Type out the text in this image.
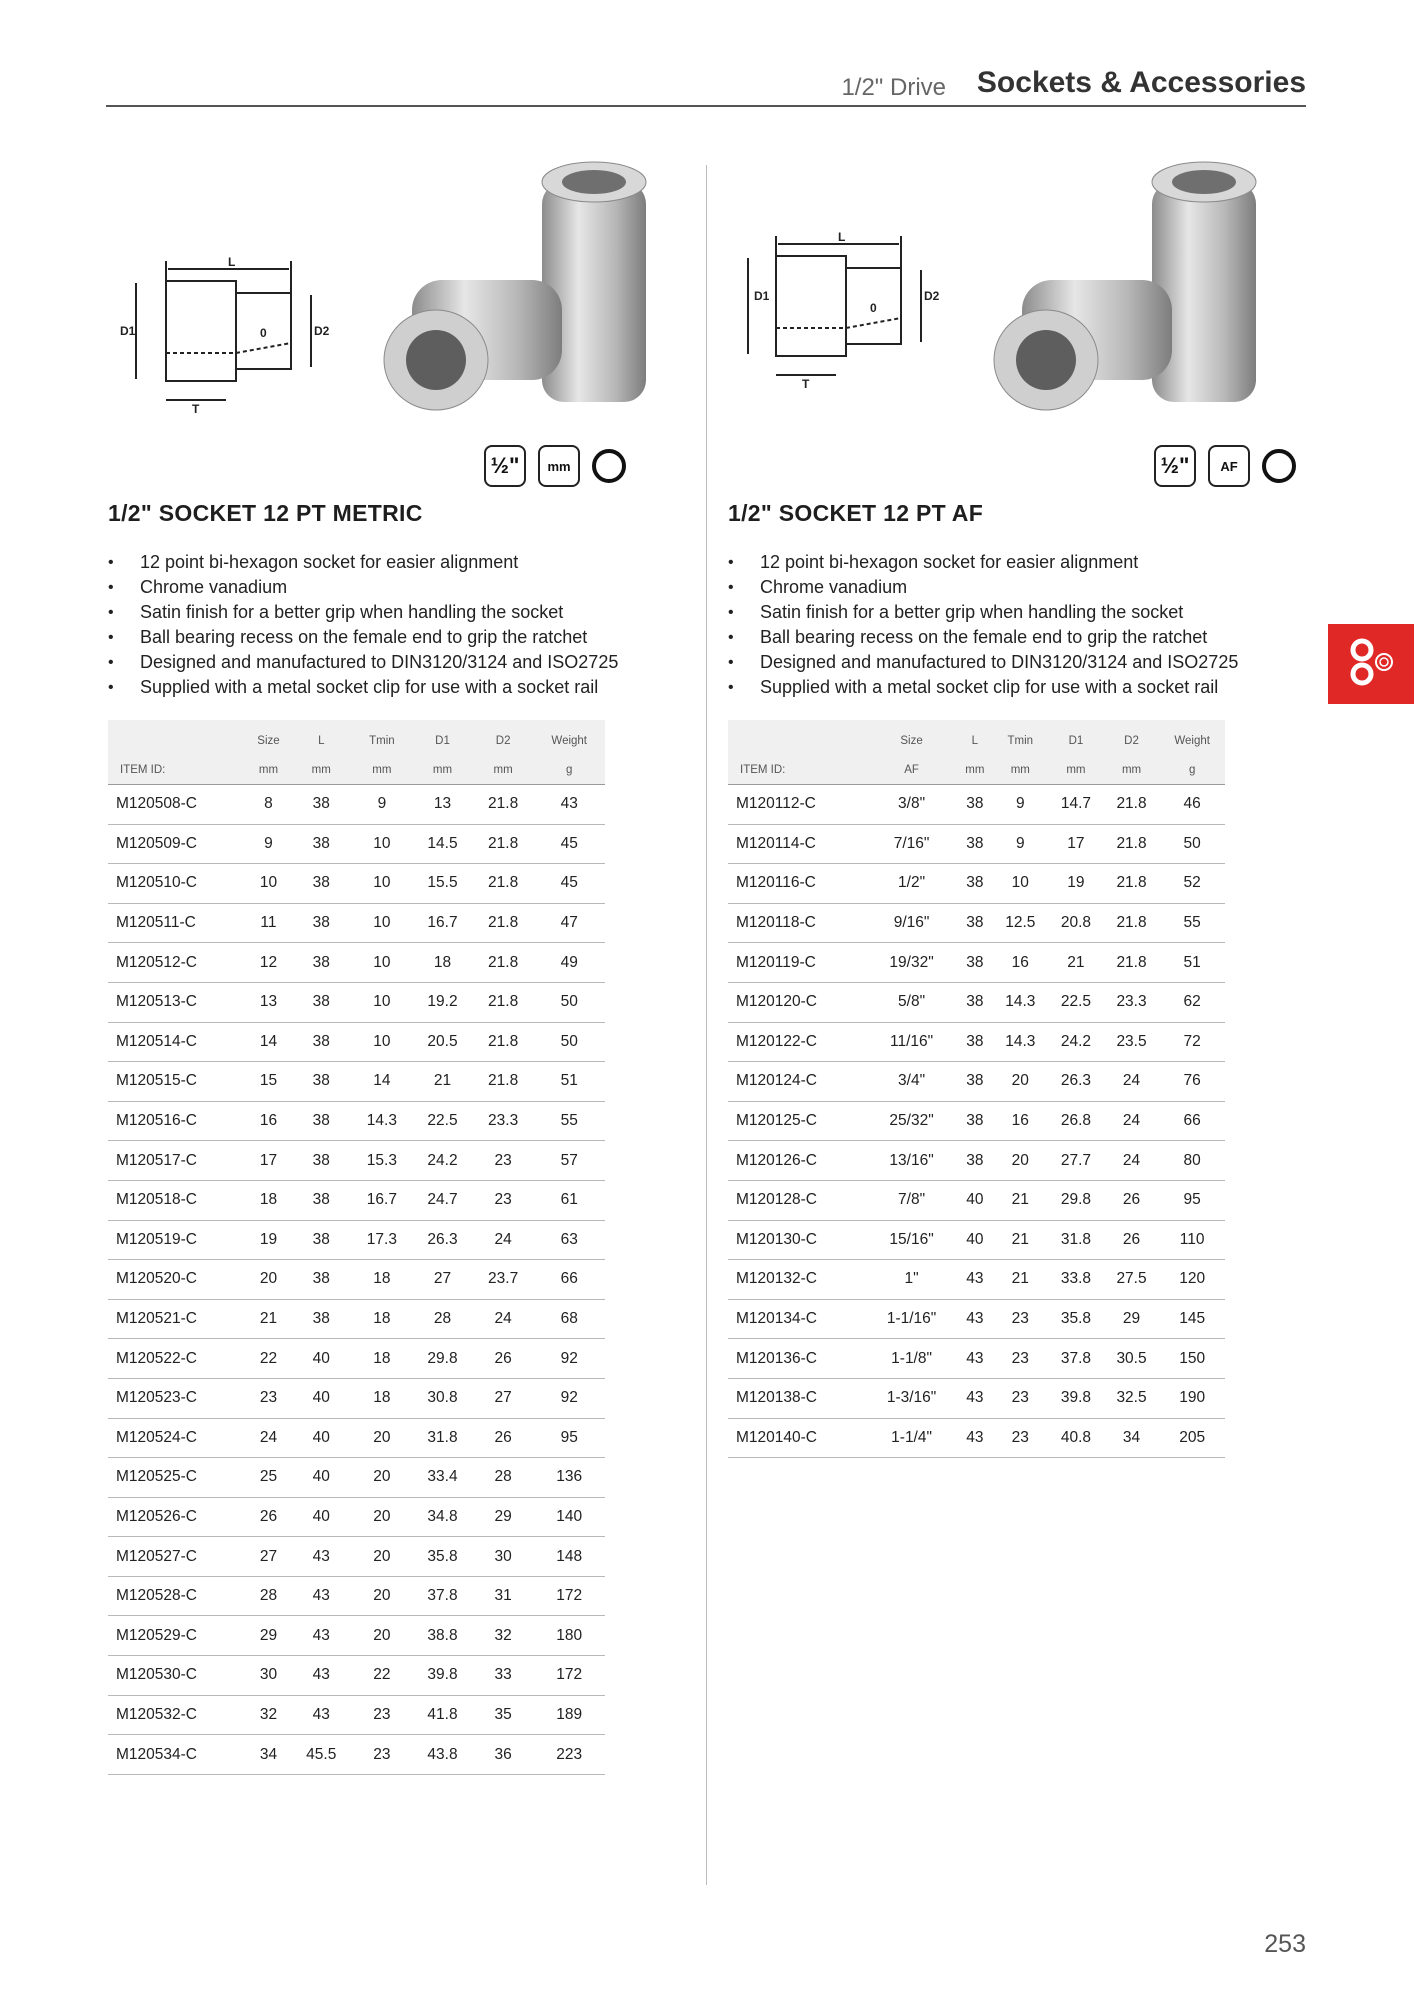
1/2" Drive Sockets & Accessories
L
D1	D2
T
0
½" mm
1/2" SOCKET 12 PT METRIC
• 12 point bi-hexagon socket for easier alignment
• Chrome vanadium
• Satin finish for a better grip when handling the socket
• Ball bearing recess on the female end to grip the ratchet
• Designed and manufactured to DIN3120/3124 and ISO2725
• Supplied with a metal socket clip for use with a socket rail
	Size	L	Tmin	D1	D2	Weight
ITEM ID:	mm	mm	mm	mm	mm	g
M120508-C	8	38	9	13	21.8	43
M120509-C	9	38	10	14.5	21.8	45
M120510-C	10	38	10	15.5	21.8	45
M120511-C	11	38	10	16.7	21.8	47
M120512-C	12	38	10	18	21.8	49
M120513-C	13	38	10	19.2	21.8	50
M120514-C	14	38	10	20.5	21.8	50
M120515-C	15	38	14	21	21.8	51
M120516-C	16	38	14.3	22.5	23.3	55
M120517-C	17	38	15.3	24.2	23	57
M120518-C	18	38	16.7	24.7	23	61
M120519-C	19	38	17.3	26.3	24	63
M120520-C	20	38	18	27	23.7	66
M120521-C	21	38	18	28	24	68
M120522-C	22	40	18	29.8	26	92
M120523-C	23	40	18	30.8	27	92
M120524-C	24	40	20	31.8	26	95
M120525-C	25	40	20	33.4	28	136
M120526-C	26	40	20	34.8	29	140
M120527-C	27	43	20	35.8	30	148
M120528-C	28	43	20	37.8	31	172
M120529-C	29	43	20	38.8	32	180
M120530-C	30	43	22	39.8	33	172
M120532-C	32	43	23	41.8	35	189
M120534-C	34	45.5	23	43.8	36	223
L
D1	D2
T
0
½" AF
1/2" SOCKET 12 PT AF
• 12 point bi-hexagon socket for easier alignment
• Chrome vanadium
• Satin finish for a better grip when handling the socket
• Ball bearing recess on the female end to grip the ratchet
• Designed and manufactured to DIN3120/3124 and ISO2725
• Supplied with a metal socket clip for use with a socket rail
	Size	L	Tmin	D1	D2	Weight
ITEM ID:	AF	mm	mm	mm	mm	g
M120112-C	3/8"	38	9	14.7	21.8	46
M120114-C	7/16"	38	9	17	21.8	50
M120116-C	1/2"	38	10	19	21.8	52
M120118-C	9/16"	38	12.5	20.8	21.8	55
M120119-C	19/32"	38	16	21	21.8	51
M120120-C	5/8"	38	14.3	22.5	23.3	62
M120122-C	11/16"	38	14.3	24.2	23.5	72
M120124-C	3/4"	38	20	26.3	24	76
M120125-C	25/32"	38	16	26.8	24	66
M120126-C	13/16"	38	20	27.7	24	80
M120128-C	7/8"	40	21	29.8	26	95
M120130-C	15/16"	40	21	31.8	26	110
M120132-C	1"	43	21	33.8	27.5	120
M120134-C	1-1/16"	43	23	35.8	29	145
M120136-C	1-1/8"	43	23	37.8	30.5	150
M120138-C	1-3/16"	43	23	39.8	32.5	190
M120140-C	1-1/4"	43	23	40.8	34	205
253
